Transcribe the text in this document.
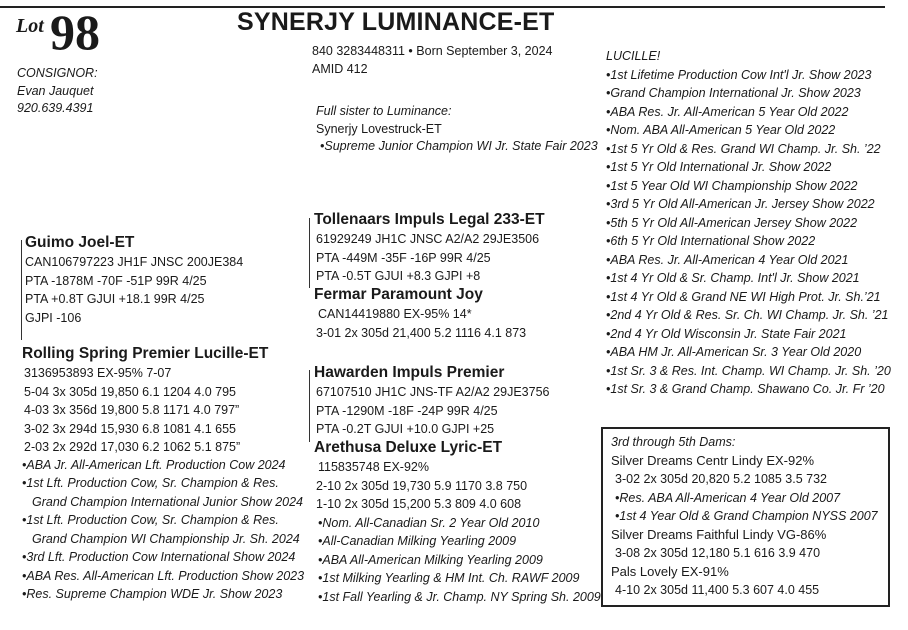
Lot 98	SYNERJY LUMINANCE-ET
840 3283448311 • Born September 3, 2024
AMID 412
CONSIGNOR:
Evan Jauquet
920.639.4391	Full sister to Luminance:
Synerjy Lovestruck-ET
•Supreme Junior Champion WI Jr. State Fair 2023
Guimo Joel-ET
CAN106797223 JH1F JNSC 200JE384
PTA -1878M -70F -51P 99R 4/25
PTA +0.8T GJUI +18.1 99R 4/25
GJPI -106
Rolling Spring Premier Lucille-ET
3136953893 EX-95% 7-07
5-04 3x 305d 19,850 6.1 1204 4.0 795
4-03 3x 356d 19,800 5.8 1171 4.0 797”
3-02 3x 294d 15,930 6.8 1081 4.1 655
2-03 2x 292d 17,030 6.2 1062 5.1 875”
•ABA Jr. All-American Lft. Production Cow 2024
•1st Lft. Production Cow, Sr. Champion & Res.
Grand Champion International Junior Show 2024
•1st Lft. Production Cow, Sr. Champion & Res.
Grand Champion WI Championship Jr. Sh. 2024
•3rd Lft. Production Cow International Show 2024
•ABA Res. All-American Lft. Production Show 2023
•Res. Supreme Champion WDE Jr. Show 2023
Tollenaars Impuls Legal 233-ET
61929249 JH1C JNSC A2/A2 29JE3506
PTA -449M -35F -16P 99R 4/25
PTA -0.5T GJUI +8.3 GJPI +8
Fermar Paramount Joy
CAN14419880 EX-95% 14*
3-01 2x 305d 21,400 5.2 1116 4.1 873
Hawarden Impuls Premier
67107510 JH1C JNS-TF A2/A2 29JE3756
PTA -1290M -18F -24P 99R 4/25
PTA -0.2T GJUI +10.0 GJPI +25
Arethusa Deluxe Lyric-ET
115835748 EX-92%
2-10 2x 305d 19,730 5.9 1170 3.8 750
1-10 2x 305d 15,200 5.3 809 4.0 608
•Nom. All-Canadian Sr. 2 Year Old 2010
•All-Canadian Milking Yearling 2009
•ABA All-American Milking Yearling 2009
•1st Milking Yearling & HM Int. Ch. RAWF 2009
•1st Fall Yearling & Jr. Champ. NY Spring Sh. 2009
LUCILLE!
•1st Lifetime Production Cow Int'l Jr. Show 2023
•Grand Champion International Jr. Show 2023
•ABA Res. Jr. All-American 5 Year Old 2022
•Nom. ABA All-American 5 Year Old 2022
•1st 5 Yr Old & Res. Grand WI Champ. Jr. Sh. ’22
•1st 5 Yr Old International Jr. Show 2022
•1st 5 Year Old WI Championship Show 2022
•3rd 5 Yr Old All-American Jr. Jersey Show 2022
•5th 5 Yr Old All-American Jersey Show 2022
•6th 5 Yr Old International Show 2022
•ABA Res. Jr. All-American 4 Year Old 2021
•1st 4 Yr Old & Sr. Champ. Int'l Jr. Show 2021
•1st 4 Yr Old & Grand NE WI High Prot. Jr. Sh.’21
•2nd 4 Yr Old & Res. Sr. Ch. WI Champ. Jr. Sh. ’21
•2nd 4 Yr Old Wisconsin Jr. State Fair 2021
•ABA HM Jr. All-American Sr. 3 Year Old 2020
•1st Sr. 3 & Res. Int. Champ. WI Champ. Jr. Sh. ’20
•1st Sr. 3 & Grand Champ. Shawano Co. Jr. Fr ’20
3rd through 5th Dams:
Silver Dreams Centr Lindy EX-92%
3-02 2x 305d 20,820 5.2 1085 3.5 732
•Res. ABA All-American 4 Year Old 2007
•1st 4 Year Old & Grand Champion NYSS 2007
Silver Dreams Faithful Lindy VG-86%
3-08 2x 305d 12,180 5.1 616 3.9 470
Pals Lovely EX-91%
4-10 2x 305d 11,400 5.3 607 4.0 455
